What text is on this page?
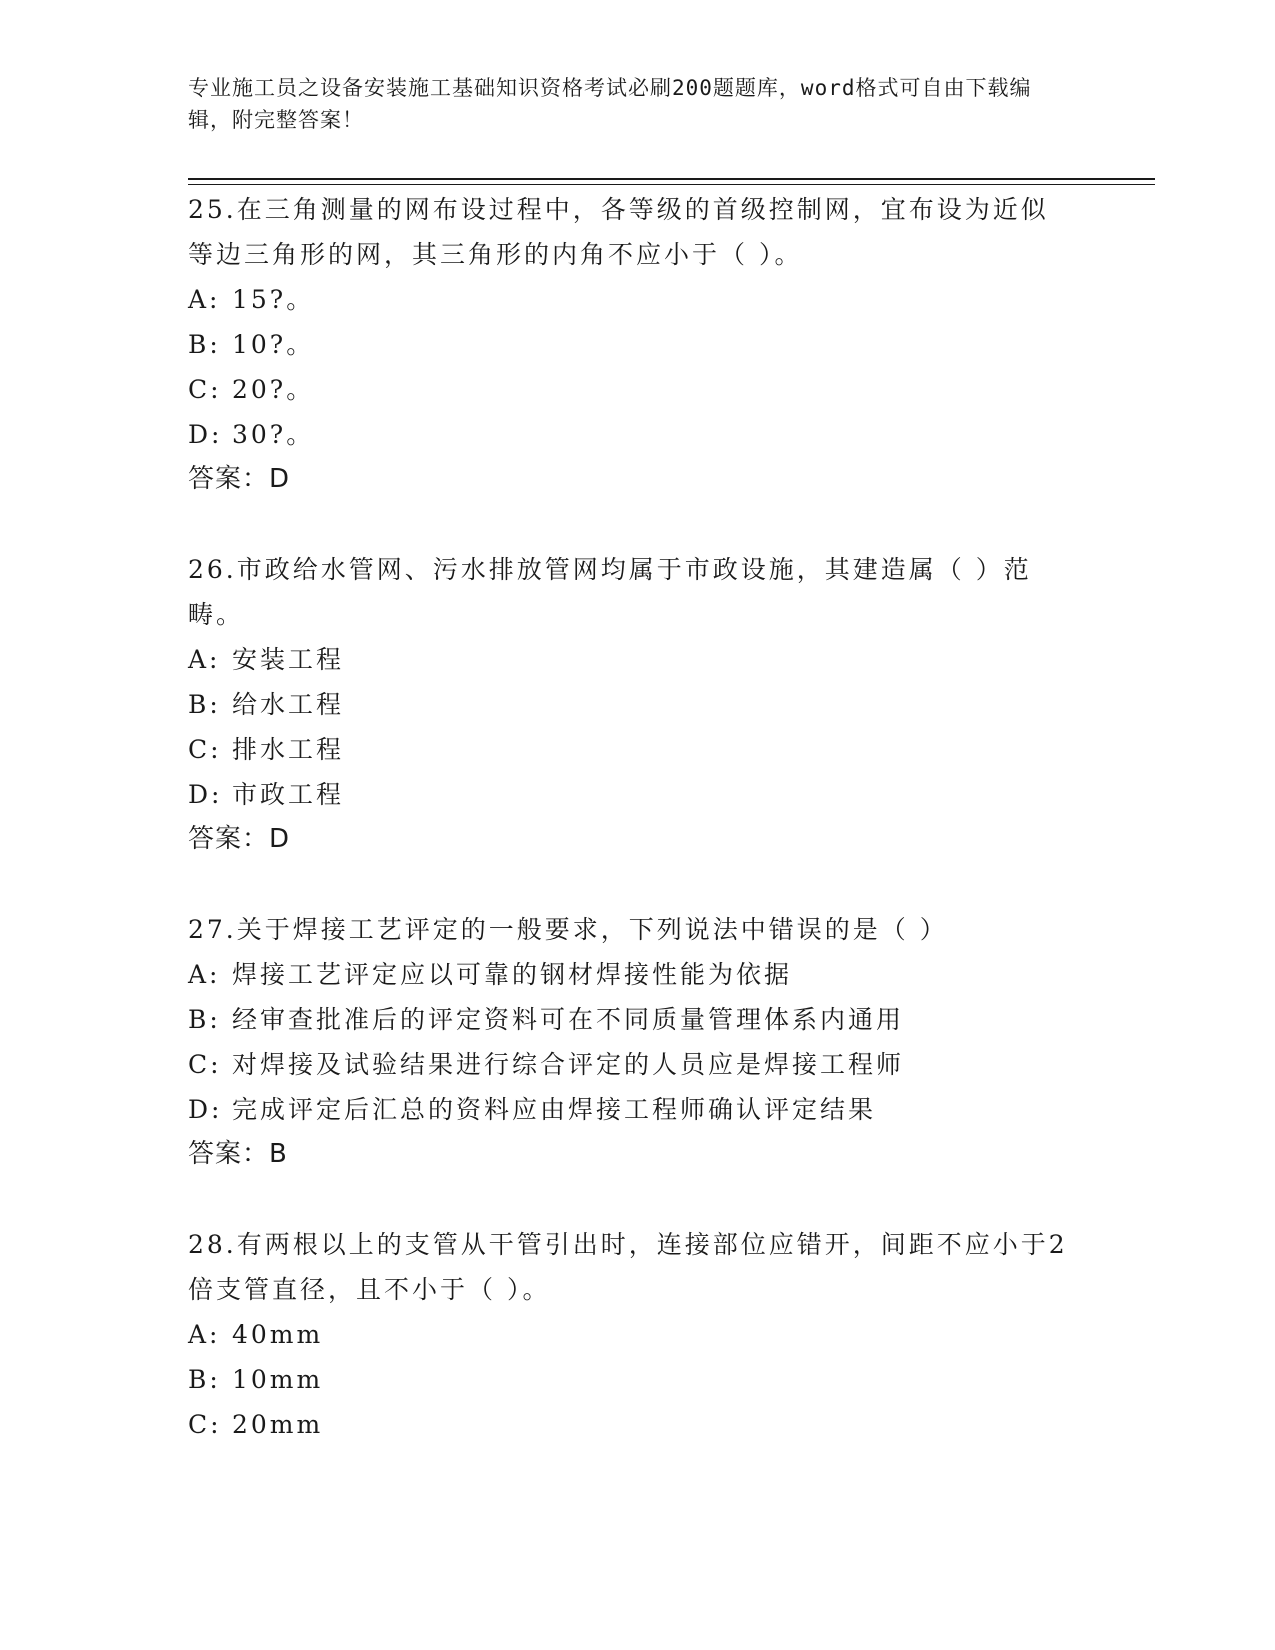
专业施工员之设备安装施工基础知识资格考试必刷200题题库，word格式可自由下载编辑，附完整答案！
25.在三角测量的网布设过程中，各等级的首级控制网，宜布设为近似等边三角形的网，其三角形的内角不应小于（ ）。
A: 15?。
B: 10?。
C: 20?。
D: 30?。
答案：D
26.市政给水管网、污水排放管网均属于市政设施，其建造属（ ）范畴。
A: 安装工程
B: 给水工程
C: 排水工程
D: 市政工程
答案：D
27.关于焊接工艺评定的一般要求，下列说法中错误的是（ ）
A: 焊接工艺评定应以可靠的钢材焊接性能为依据
B: 经审查批准后的评定资料可在不同质量管理体系内通用
C: 对焊接及试验结果进行综合评定的人员应是焊接工程师
D: 完成评定后汇总的资料应由焊接工程师确认评定结果
答案：B
28.有两根以上的支管从干管引出时，连接部位应错开，间距不应小于2倍支管直径，且不小于（ ）。
A: 40mm
B: 10mm
C: 20mm
